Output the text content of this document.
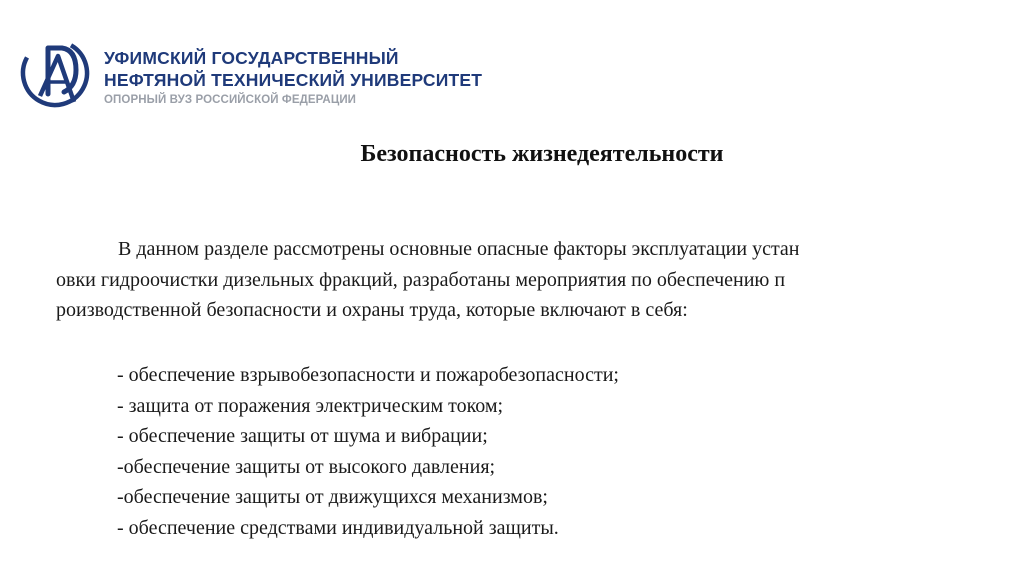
УФИМСКИЙ ГОСУДАРСТВЕННЫЙ
НЕФТЯНОЙ ТЕХНИЧЕСКИЙ УНИВЕРСИТЕТ
ОПОРНЫЙ ВУЗ РОССИЙСКОЙ ФЕДЕРАЦИИ
Безопасность жизнедеятельности
В данном разделе рассмотрены основные опасные факторы эксплуатации устан
овки гидроочистки дизельных фракций, разработаны мероприятия по обеспечению п
роизводственной безопасности и охраны труда, которые включают в себя:
- обеспечение взрывобезопасности и пожаробезопасности;
- защита от поражения электрическим током;
- обеспечение защиты от шума и вибрации;
-обеспечение защиты от высокого давления;
-обеспечение защиты от движущихся механизмов;
- обеспечение средствами индивидуальной защиты.
